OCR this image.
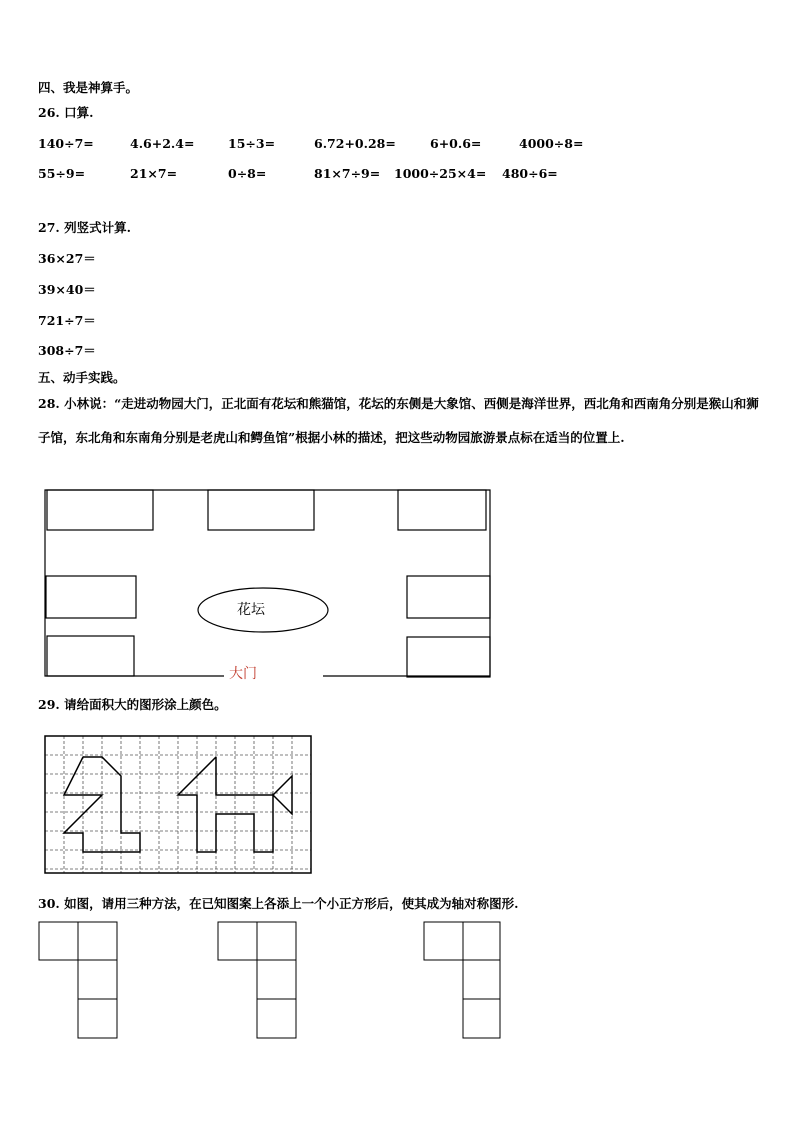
四、我是神算手。
26. 口算.
140÷7=	4.6+2.4=	15÷3=	6.72+0.28=	6+0.6=	4000÷8=
55÷9=	21×7=	0÷8=	81×7÷9= 1000÷25×4= 480÷6=
27. 列竖式计算.
36×27＝
39×40＝
721÷7＝
308÷7＝
五、动手实践。
28. 小林说：“走进动物园大门，正北面有花坛和熊猫馆，花坛的东侧是大象馆、西侧是海洋世界，西北角和西南角分别是猴山和狮子馆，东北角和东南角分别是老虎山和鳄鱼馆”根据小林的描述，把这些动物园旅游景点标在适当的位置上.
花坛
大门
29. 请给面积大的图形涂上颜色。
30. 如图，请用三种方法，在已知图案上各添上一个小正方形后，使其成为轴对称图形.
